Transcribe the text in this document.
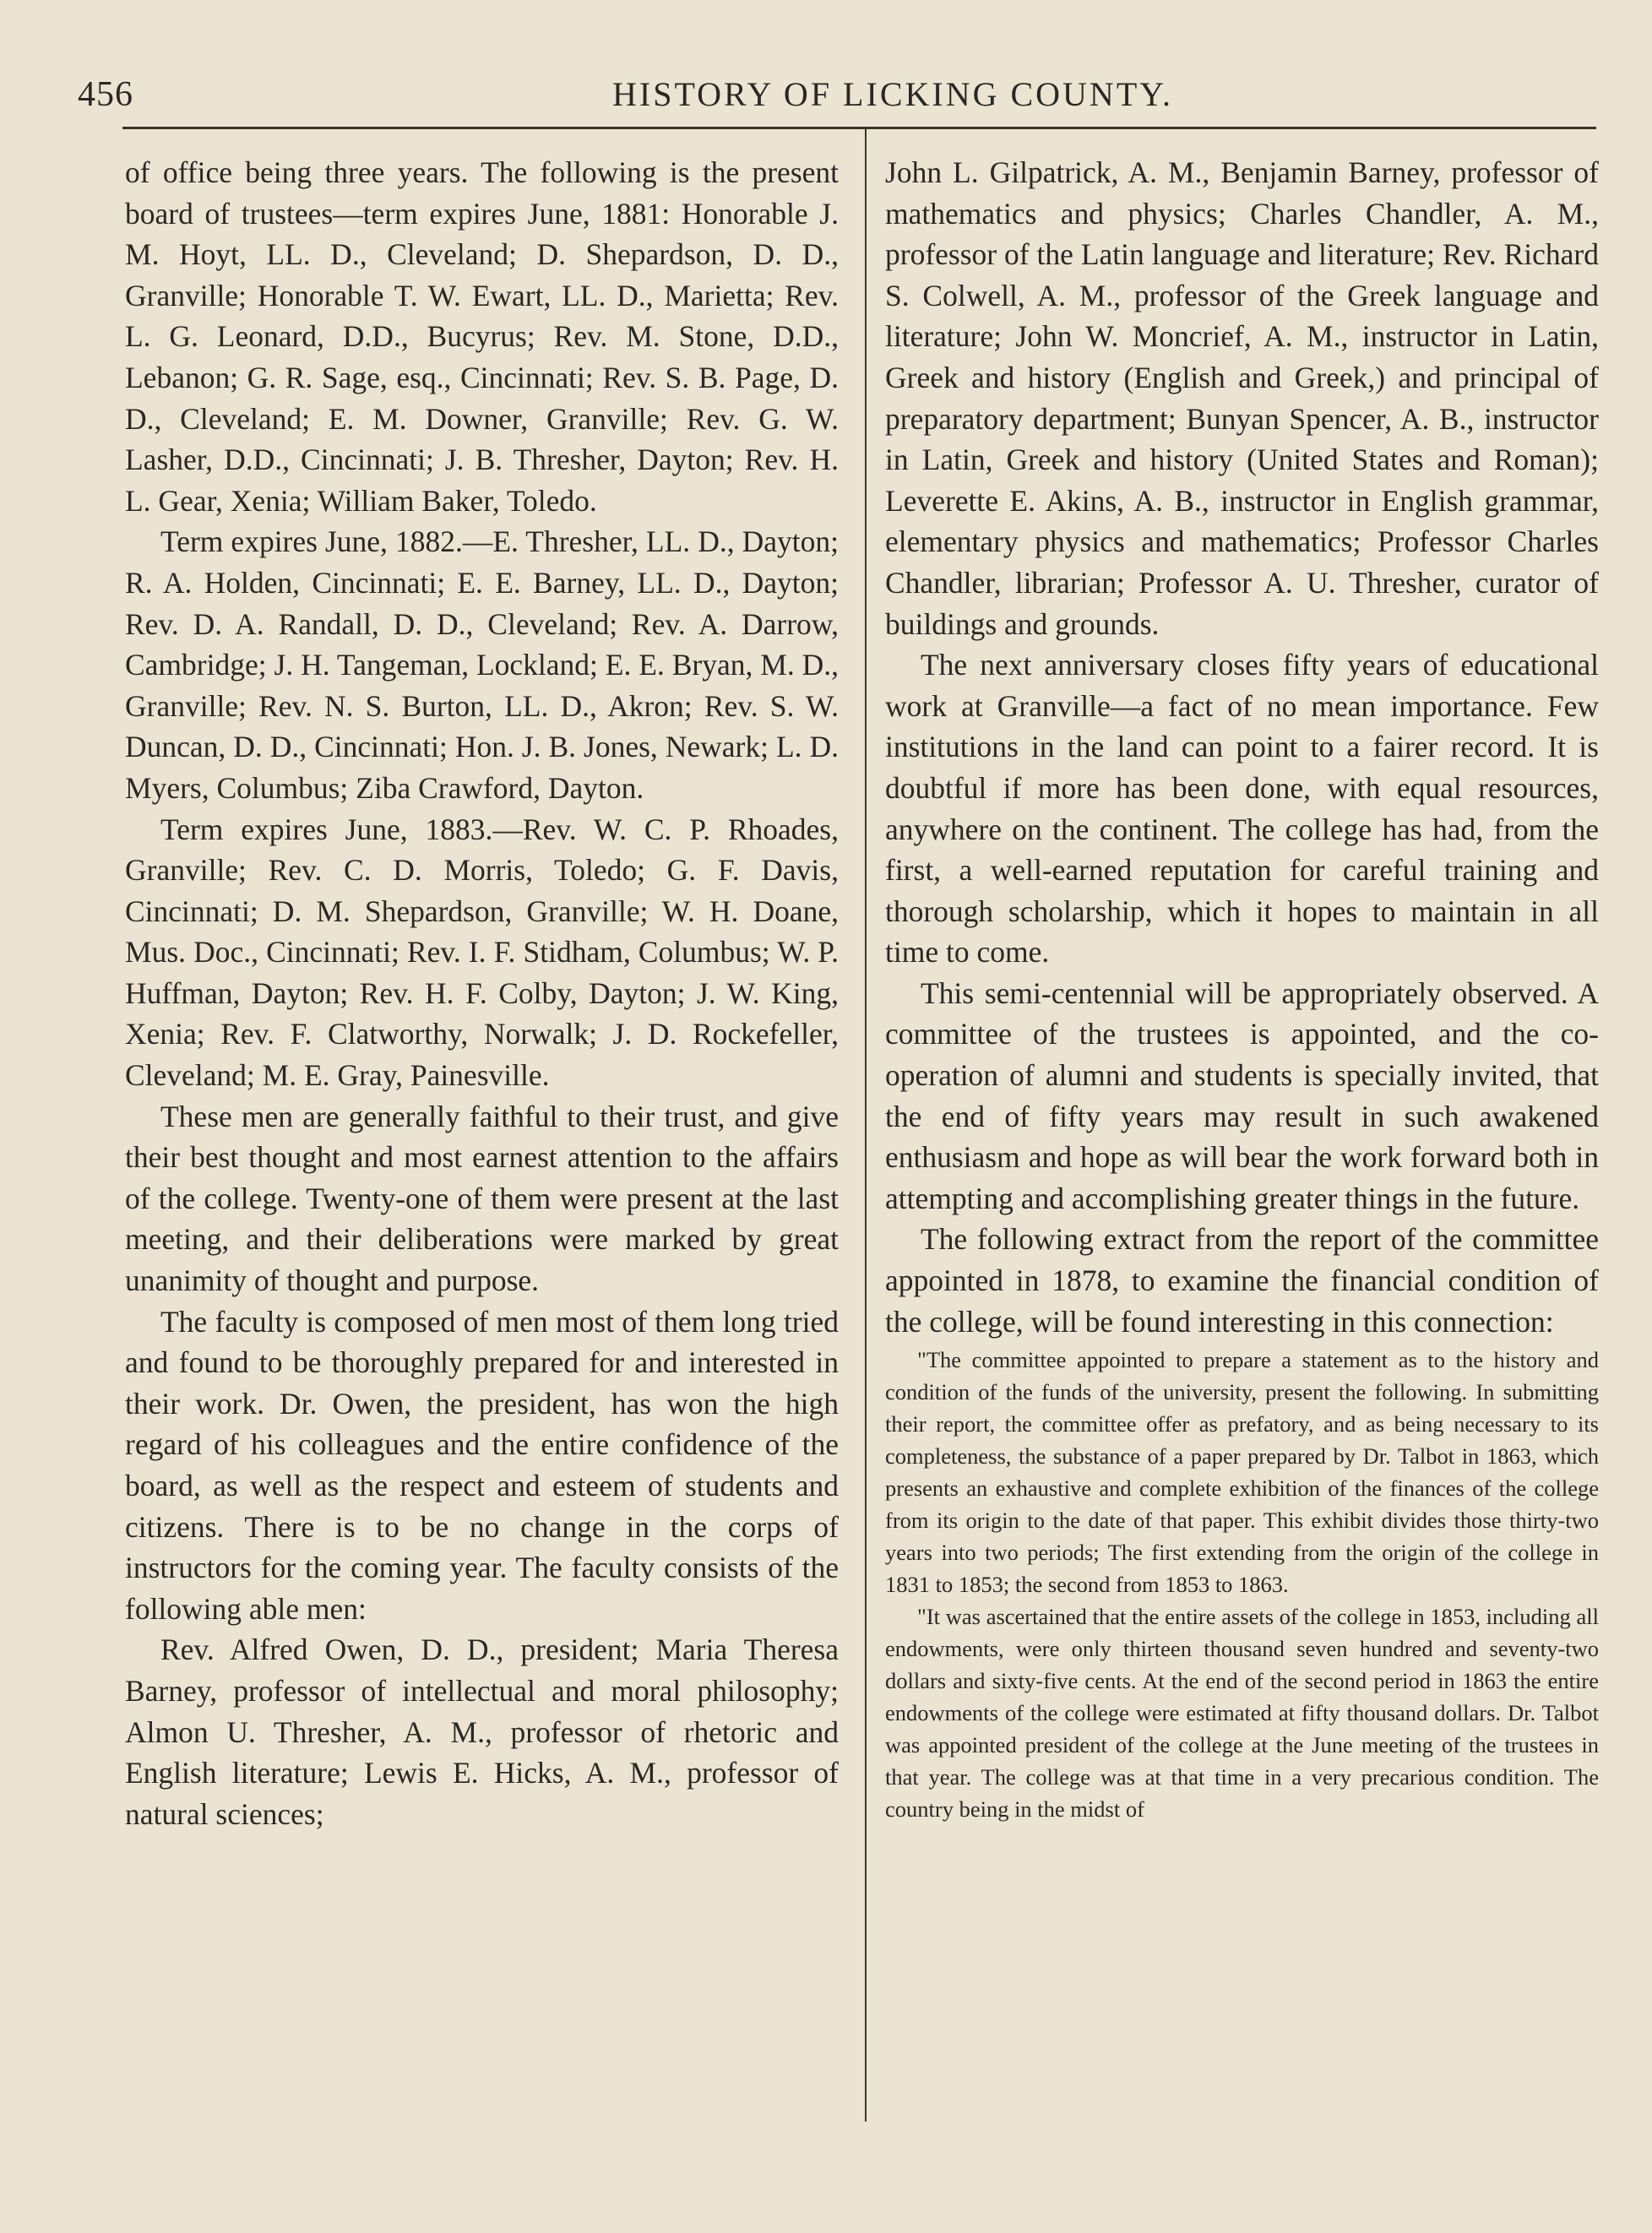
456	HISTORY OF LICKING COUNTY.

of office being three years. The following is the present board of trustees—term expires June, 1881: Honorable J. M. Hoyt, LL. D., Cleveland; D. Shepardson, D. D., Granville; Honorable T. W. Ewart, LL. D., Marietta; Rev. L. G. Leonard, D.D., Bucyrus; Rev. M. Stone, D.D., Lebanon; G. R. Sage, esq., Cincinnati; Rev. S. B. Page, D. D., Cleveland; E. M. Downer, Granville; Rev. G. W. Lasher, D.D., Cincinnati; J. B. Thresher, Dayton; Rev. H. L. Gear, Xenia; William Baker, Toledo.

Term expires June, 1882.—E. Thresher, LL. D., Dayton; R. A. Holden, Cincinnati; E. E. Barney, LL. D., Dayton; Rev. D. A. Randall, D. D., Cleveland; Rev. A. Darrow, Cambridge; J. H. Tangeman, Lockland; E. E. Bryan, M. D., Granville; Rev. N. S. Burton, LL. D., Akron; Rev. S. W. Duncan, D. D., Cincinnati; Hon. J. B. Jones, Newark; L. D. Myers, Columbus; Ziba Crawford, Dayton.

Term expires June, 1883.—Rev. W. C. P. Rhoades, Granville; Rev. C. D. Morris, Toledo; G. F. Davis, Cincinnati; D. M. Shepardson, Granville; W. H. Doane, Mus. Doc., Cincinnati; Rev. I. F. Stidham, Columbus; W. P. Huffman, Dayton; Rev. H. F. Colby, Dayton; J. W. King, Xenia; Rev. F. Clatworthy, Norwalk; J. D. Rockefeller, Cleveland; M. E. Gray, Painesville.

These men are generally faithful to their trust, and give their best thought and most earnest attention to the affairs of the college. Twenty-one of them were present at the last meeting, and their deliberations were marked by great unanimity of thought and purpose.

The faculty is composed of men most of them long tried and found to be thoroughly prepared for and interested in their work. Dr. Owen, the president, has won the high regard of his colleagues and the entire confidence of the board, as well as the respect and esteem of students and citizens. There is to be no change in the corps of instructors for the coming year. The faculty consists of the following able men:

Rev. Alfred Owen, D. D., president; Maria Theresa Barney, professor of intellectual and moral philosophy; Almon U. Thresher, A. M., professor of rhetoric and English literature; Lewis E. Hicks, A. M., professor of natural sciences;

John L. Gilpatrick, A. M., Benjamin Barney, professor of mathematics and physics; Charles Chandler, A. M., professor of the Latin language and literature; Rev. Richard S. Colwell, A. M., professor of the Greek language and literature; John W. Moncrief, A. M., instructor in Latin, Greek and history (English and Greek,) and principal of preparatory department; Bunyan Spencer, A. B., instructor in Latin, Greek and history (United States and Roman); Leverette E. Akins, A. B., instructor in English grammar, elementary physics and mathematics; Professor Charles Chandler, librarian; Professor A. U. Thresher, curator of buildings and grounds.

The next anniversary closes fifty years of educational work at Granville—a fact of no mean importance. Few institutions in the land can point to a fairer record. It is doubtful if more has been done, with equal resources, anywhere on the continent. The college has had, from the first, a well-earned reputation for careful training and thorough scholarship, which it hopes to maintain in all time to come.

This semi-centennial will be appropriately observed. A committee of the trustees is appointed, and the co-operation of alumni and students is specially invited, that the end of fifty years may result in such awakened enthusiasm and hope as will bear the work forward both in attempting and accomplishing greater things in the future.

The following extract from the report of the committee appointed in 1878, to examine the financial condition of the college, will be found interesting in this connection:

"The committee appointed to prepare a statement as to the history and condition of the funds of the university, present the following. In submitting their report, the committee offer as prefatory, and as being necessary to its completeness, the substance of a paper prepared by Dr. Talbot in 1863, which presents an exhaustive and complete exhibition of the finances of the college from its origin to the date of that paper. This exhibit divides those thirty-two years into two periods; The first extending from the origin of the college in 1831 to 1853; the second from 1853 to 1863.

"It was ascertained that the entire assets of the college in 1853, including all endowments, were only thirteen thousand seven hundred and seventy-two dollars and sixty-five cents. At the end of the second period in 1863 the entire endowments of the college were estimated at fifty thousand dollars. Dr. Talbot was appointed president of the college at the June meeting of the trustees in that year. The college was at that time in a very precarious condition. The country being in the midst of
